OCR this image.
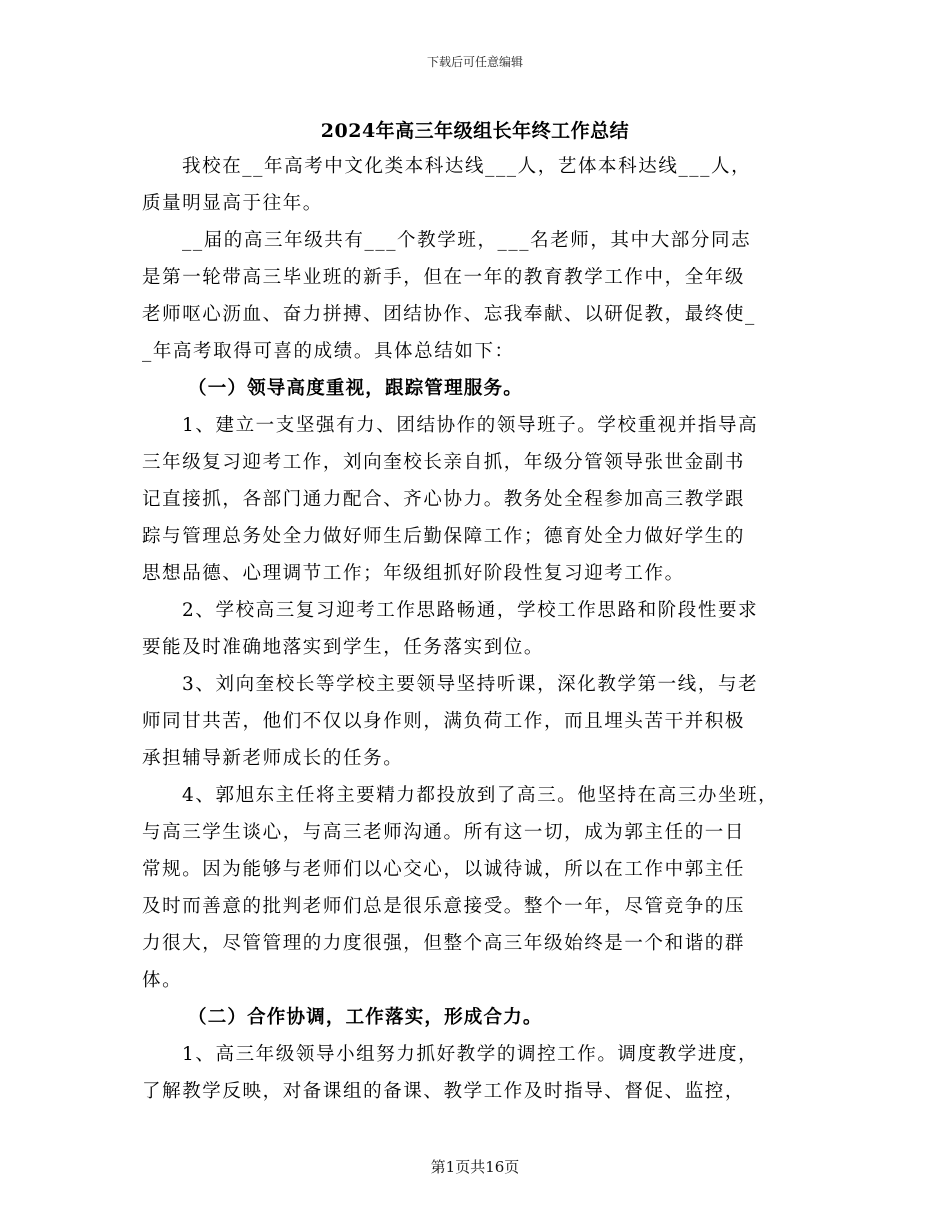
下载后可任意编辑
2024年高三年级组长年终工作总结
我校在__年高考中文化类本科达线___人，艺体本科达线___人，
质量明显高于往年。
__届的高三年级共有___个教学班，___名老师，其中大部分同志
是第一轮带高三毕业班的新手，但在一年的教育教学工作中，全年级
老师呕心沥血、奋力拼搏、团结协作、忘我奉献、以研促教，最终使_
_年高考取得可喜的成绩。具体总结如下：
（一）领导高度重视，跟踪管理服务。
1、建立一支坚强有力、团结协作的领导班子。学校重视并指导高
三年级复习迎考工作，刘向奎校长亲自抓，年级分管领导张世金副书
记直接抓，各部门通力配合、齐心协力。教务处全程参加高三教学跟
踪与管理总务处全力做好师生后勤保障工作；德育处全力做好学生的
思想品德、心理调节工作；年级组抓好阶段性复习迎考工作。
2、学校高三复习迎考工作思路畅通，学校工作思路和阶段性要求
要能及时准确地落实到学生，任务落实到位。
3、刘向奎校长等学校主要领导坚持听课，深化教学第一线，与老
师同甘共苦，他们不仅以身作则，满负荷工作，而且埋头苦干并积极
承担辅导新老师成长的任务。
4、郭旭东主任将主要精力都投放到了高三。他坚持在高三办坐班，
与高三学生谈心，与高三老师沟通。所有这一切，成为郭主任的一日
常规。因为能够与老师们以心交心，以诚待诚，所以在工作中郭主任
及时而善意的批判老师们总是很乐意接受。整个一年，尽管竞争的压
力很大，尽管管理的力度很强，但整个高三年级始终是一个和谐的群
体。
（二）合作协调，工作落实，形成合力。
1、高三年级领导小组努力抓好教学的调控工作。调度教学进度，
了解教学反映，对备课组的备课、教学工作及时指导、督促、监控，
第1页共16页
